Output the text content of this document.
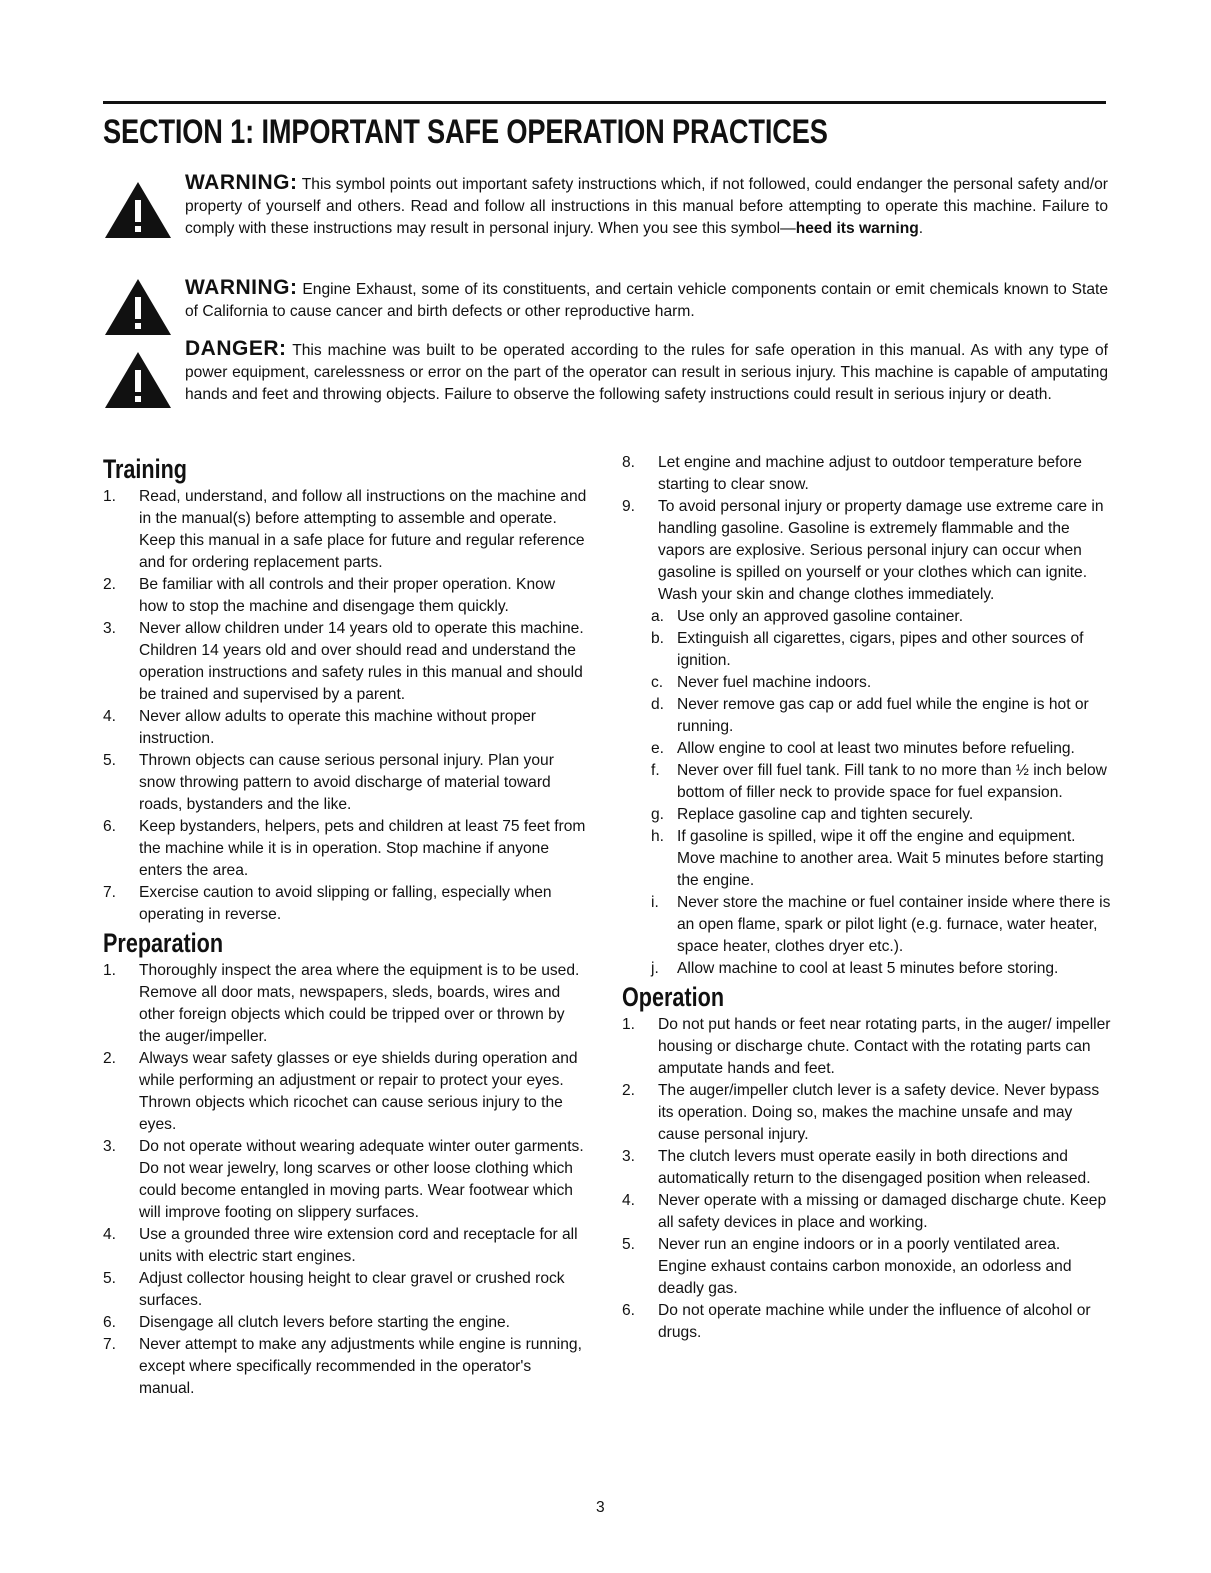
SECTION 1: IMPORTANT SAFE OPERATION PRACTICES

WARNING: This symbol points out important safety instructions which, if not followed, could endanger the personal safety and/or property of yourself and others. Read and follow all instructions in this manual before attempting to operate this machine. Failure to comply with these instructions may result in personal injury. When you see this symbol—heed its warning.

WARNING: Engine Exhaust, some of its constituents, and certain vehicle components contain or emit chemicals known to State of California to cause cancer and birth defects or other reproductive harm.

DANGER: This machine was built to be operated according to the rules for safe operation in this manual. As with any type of power equipment, carelessness or error on the part of the operator can result in serious injury. This machine is capable of amputating hands and feet and throwing objects. Failure to observe the following safety instructions could result in serious injury or death.

Training
1. Read, understand, and follow all instructions on the machine and in the manual(s) before attempting to assemble and operate. Keep this manual in a safe place for future and regular reference and for ordering replacement parts.
2. Be familiar with all controls and their proper operation. Know how to stop the machine and disengage them quickly.
3. Never allow children under 14 years old to operate this machine. Children 14 years old and over should read and understand the operation instructions and safety rules in this manual and should be trained and supervised by a parent.
4. Never allow adults to operate this machine without proper instruction.
5. Thrown objects can cause serious personal injury. Plan your snow throwing pattern to avoid discharge of material toward roads, bystanders and the like.
6. Keep bystanders, helpers, pets and children at least 75 feet from the machine while it is in operation. Stop machine if anyone enters the area.
7. Exercise caution to avoid slipping or falling, especially when operating in reverse.
Preparation
1. Thoroughly inspect the area where the equipment is to be used. Remove all door mats, newspapers, sleds, boards, wires and other foreign objects which could be tripped over or thrown by the auger/impeller.
2. Always wear safety glasses or eye shields during operation and while performing an adjustment or repair to protect your eyes. Thrown objects which ricochet can cause serious injury to the eyes.
3. Do not operate without wearing adequate winter outer garments. Do not wear jewelry, long scarves or other loose clothing which could become entangled in moving parts. Wear footwear which will improve footing on slippery surfaces.
4. Use a grounded three wire extension cord and receptacle for all units with electric start engines.
5. Adjust collector housing height to clear gravel or crushed rock surfaces.
6. Disengage all clutch levers before starting the engine.
7. Never attempt to make any adjustments while engine is running, except where specifically recommended in the operator's manual.
8. Let engine and machine adjust to outdoor temperature before starting to clear snow.
9. To avoid personal injury or property damage use extreme care in handling gasoline. Gasoline is extremely flammable and the vapors are explosive. Serious personal injury can occur when gasoline is spilled on yourself or your clothes which can ignite. Wash your skin and change clothes immediately.
a. Use only an approved gasoline container.
b. Extinguish all cigarettes, cigars, pipes and other sources of ignition.
c. Never fuel machine indoors.
d. Never remove gas cap or add fuel while the engine is hot or running.
e. Allow engine to cool at least two minutes before refueling.
f. Never over fill fuel tank. Fill tank to no more than ½ inch below bottom of filler neck to provide space for fuel expansion.
g. Replace gasoline cap and tighten securely.
h. If gasoline is spilled, wipe it off the engine and equipment. Move machine to another area. Wait 5 minutes before starting the engine.
i. Never store the machine or fuel container inside where there is an open flame, spark or pilot light (e.g. furnace, water heater, space heater, clothes dryer etc.).
j. Allow machine to cool at least 5 minutes before storing.
Operation
1. Do not put hands or feet near rotating parts, in the auger/ impeller housing or discharge chute. Contact with the rotating parts can amputate hands and feet.
2. The auger/impeller clutch lever is a safety device. Never bypass its operation. Doing so, makes the machine unsafe and may cause personal injury.
3. The clutch levers must operate easily in both directions and automatically return to the disengaged position when released.
4. Never operate with a missing or damaged discharge chute. Keep all safety devices in place and working.
5. Never run an engine indoors or in a poorly ventilated area. Engine exhaust contains carbon monoxide, an odorless and deadly gas.
6. Do not operate machine while under the influence of alcohol or drugs.
3
